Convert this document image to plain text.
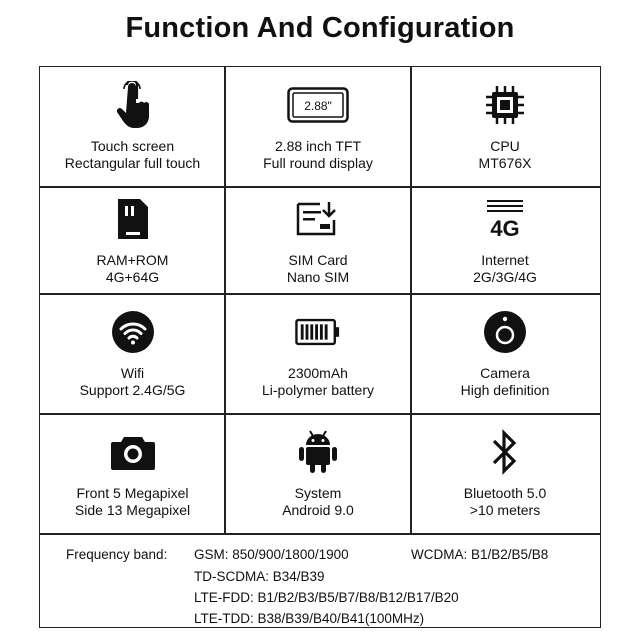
Function And Configuration
Touch screen
Rectangular full touch
2.88"
2.88 inch TFT
Full round display
CPU
MT676X
RAM+ROM
4G+64G
SIM Card
Nano SIM
4G
Internet
2G/3G/4G
Wifi
Support 2.4G/5G
2300mAh
Li-polymer battery
Camera
High definition
Front 5 Megapixel
Side 13 Megapixel
System
Android 9.0
Bluetooth 5.0
>10 meters
Frequency band: GSM: 850/900/1800/1900	WCDMA: B1/B2/B5/B8
TD-SCDMA: B34/B39
LTE-FDD: B1/B2/B3/B5/B7/B8/B12/B17/B20
LTE-TDD: B38/B39/B40/B41(100MHz)
